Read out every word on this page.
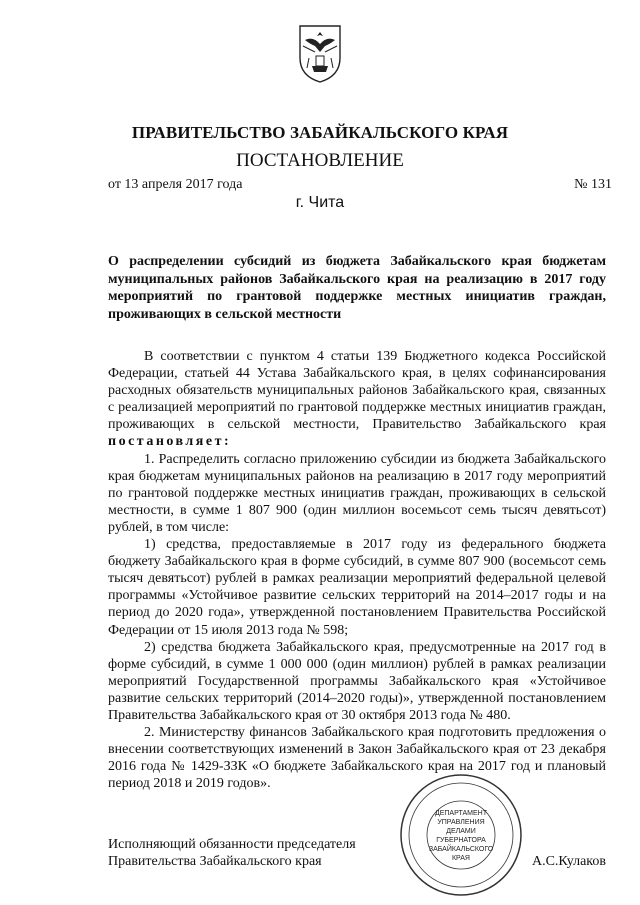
ПРАВИТЕЛЬСТВО ЗАБАЙКАЛЬСКОГО КРАЯ
ПОСТАНОВЛЕНИЕ
от 13 апреля 2017 года	№ 131
г. Чита
О распределении субсидий из бюджета Забайкальского края бюджетам муниципальных районов Забайкальского края на реализацию в 2017 году мероприятий по грантовой поддержке местных инициатив граждан, проживающих в сельской местности

В соответствии с пунктом 4 статьи 139 Бюджетного кодекса Российской Федерации, статьей 44 Устава Забайкальского края, в целях софинансирования расходных обязательств муниципальных районов Забайкальского края, связанных с реализацией мероприятий по грантовой поддержке местных инициатив граждан, проживающих в сельской местности, Правительство Забайкальского края постановляет:

1. Распределить согласно приложению субсидии из бюджета Забайкальского края бюджетам муниципальных районов на реализацию в 2017 году мероприятий по грантовой поддержке местных инициатив граждан, проживающих в сельской местности, в сумме 1 807 900 (один миллион восемьсот семь тысяч девятьсот) рублей, в том числе:

1) средства, предоставляемые в 2017 году из федерального бюджета бюджету Забайкальского края в форме субсидий, в сумме 807 900 (восемьсот семь тысяч девятьсот) рублей в рамках реализации мероприятий федеральной целевой программы «Устойчивое развитие сельских территорий на 2014–2017 годы и на период до 2020 года», утвержденной постановлением Правительства Российской Федерации от 15 июля 2013 года № 598;

2) средства бюджета Забайкальского края, предусмотренные на 2017 год в форме субсидий, в сумме 1 000 000 (один миллион) рублей в рамках реализации мероприятий Государственной программы Забайкальского края «Устойчивое развитие сельских территорий (2014–2020 годы)», утвержденной постановлением Правительства Забайкальского края от 30 октября 2013 года № 480.

2. Министерству финансов Забайкальского края подготовить предложения о внесении соответствующих изменений в Закон Забайкальского края от 23 декабря 2016 года № 1429-ЗЗК «О бюджете Забайкальского края на 2017 год и плановый период 2018 и 2019 годов».

ДЕПАРТАМЕНТ
УПРАВЛЕНИЯ
ДЕЛАМИ
ГУБЕРНАТОРА
ЗАБАЙКАЛЬСКОГО
КРАЯ
Исполняющий обязанности председателя
Правительства Забайкальского края	А.С.Кулаков
